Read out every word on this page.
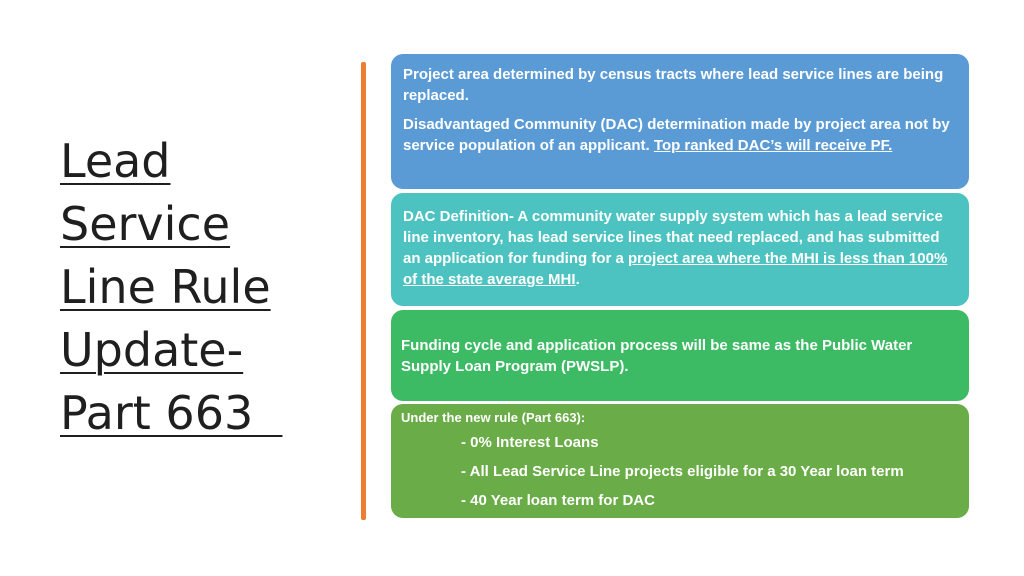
Lead
Service
Line Rule
Update-
Part 663

Project area determined by census tracts where lead service lines are being replaced.

Disadvantaged Community (DAC) determination made by project area not by service population of an applicant. Top ranked DAC’s will receive PF.

DAC Definition- A community water supply system which has a lead service line inventory, has lead service lines that need replaced, and has submitted an application for funding for a project area where the MHI is less than 100% of the state average MHI.

Funding cycle and application process will be same as the Public Water Supply Loan Program (PWSLP).

Under the new rule (Part 663):

- 0% Interest Loans
- All Lead Service Line projects eligible for a 30 Year loan term
- 40 Year loan term for DAC
